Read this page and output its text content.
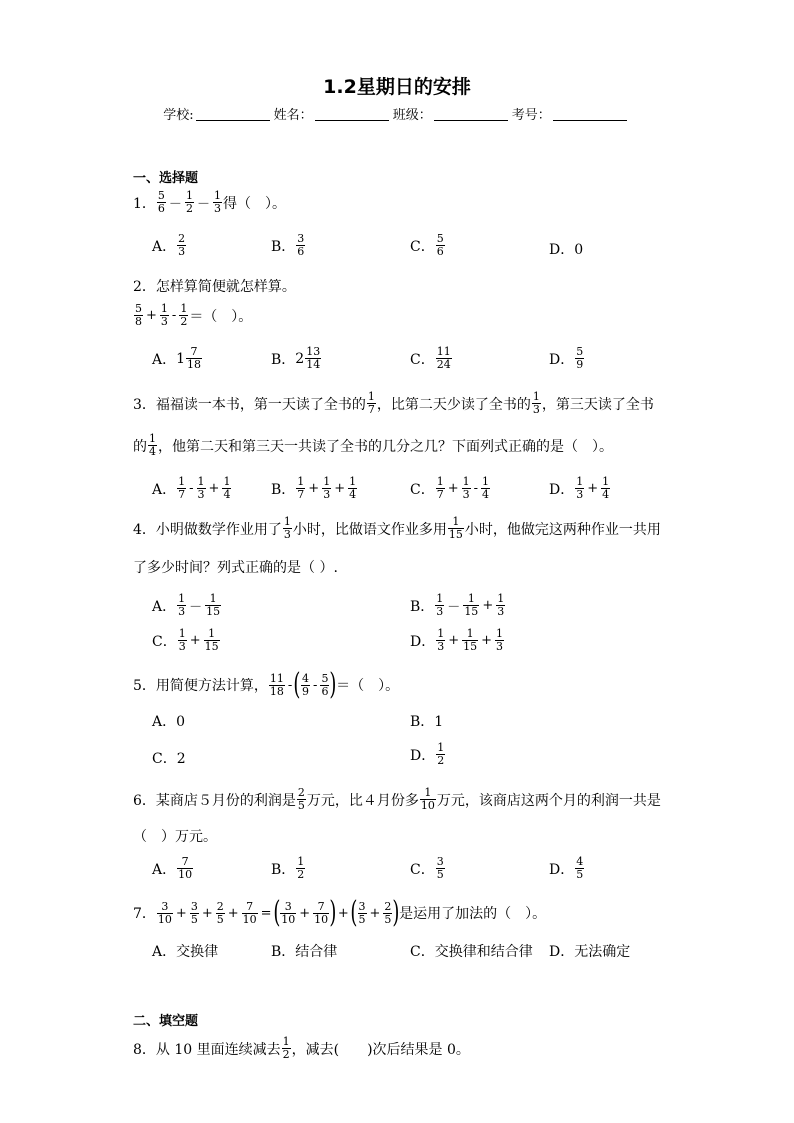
1.2星期日的安排
学校:	姓名：	班级：	考号：
一、选择题
1． $\frac{5}{6} - \frac{1}{2} - \frac{1}{3}$ 得（　）。
A． $\frac{2}{3}$	B． $\frac{3}{6}$	C． $\frac{5}{6}$	D．0
2．怎样算简便就怎样算。
$\frac{5}{8} + \frac{1}{3} - \frac{1}{2}$ ＝（　）。
A． $1 \frac{7}{18}$	B． $2 \frac{13}{14}$	C． $\frac{11}{24}$	D． $\frac{5}{9}$
3．福福读一本书，第一天读了全书的 $\frac{1}{7}$ ，比第二天少读了全书的 $\frac{1}{3}$ ，第三天读了全书
的 $\frac{1}{4}$ ，他第二天和第三天一共读了全书的几分之几？下面列式正确的是（　）。
A． $\frac{1}{7} - \frac{1}{3} + \frac{1}{4}$	B． $\frac{1}{7} + \frac{1}{3} + \frac{1}{4}$	C． $\frac{1}{7} + \frac{1}{3} - \frac{1}{4}$	D． $\frac{1}{3} + \frac{1}{4}$
4．小明做数学作业用了 $\frac{1}{3}$ 小时，比做语文作业多用 $\frac{1}{15}$ 小时，他做完这两种作业一共用
了多少时间？列式正确的是（ ）.
A． $\frac{1}{3} - \frac{1}{15}$	B． $\frac{1}{3} - \frac{1}{15} + \frac{1}{3}$
C． $\frac{1}{3} + \frac{1}{15}$	D． $\frac{1}{3} + \frac{1}{15} + \frac{1}{3}$
5．用简便方法计算， $\frac{11}{18}$ - ( $\frac{4}{9} - \frac{5}{6}$ ) ＝（　）。
A．0	B．1
C．2	D． $\frac{1}{2}$
6．某商店５月份的利润是 $\frac{2}{5}$ 万元，比４月份多 $\frac{1}{10}$ 万元，该商店这两个月的利润一共是
（　）万元。
A． $\frac{7}{10}$	B． $\frac{1}{2}$	C． $\frac{3}{5}$	D． $\frac{4}{5}$
7． $\frac{3}{10} + \frac{3}{5} + \frac{2}{5} + \frac{7}{10}$ = ( $\frac{3}{10} + \frac{7}{10}$ ) + ( $\frac{3}{5} + \frac{2}{5}$ ) 是运用了加法的（　）。
A．交换律	B．结合律	C．交换律和结合律 D．无法确定
二、填空题
8．从 10 里面连续减去 $\frac{1}{2}$ ，减去(　　)次后结果是 0。
